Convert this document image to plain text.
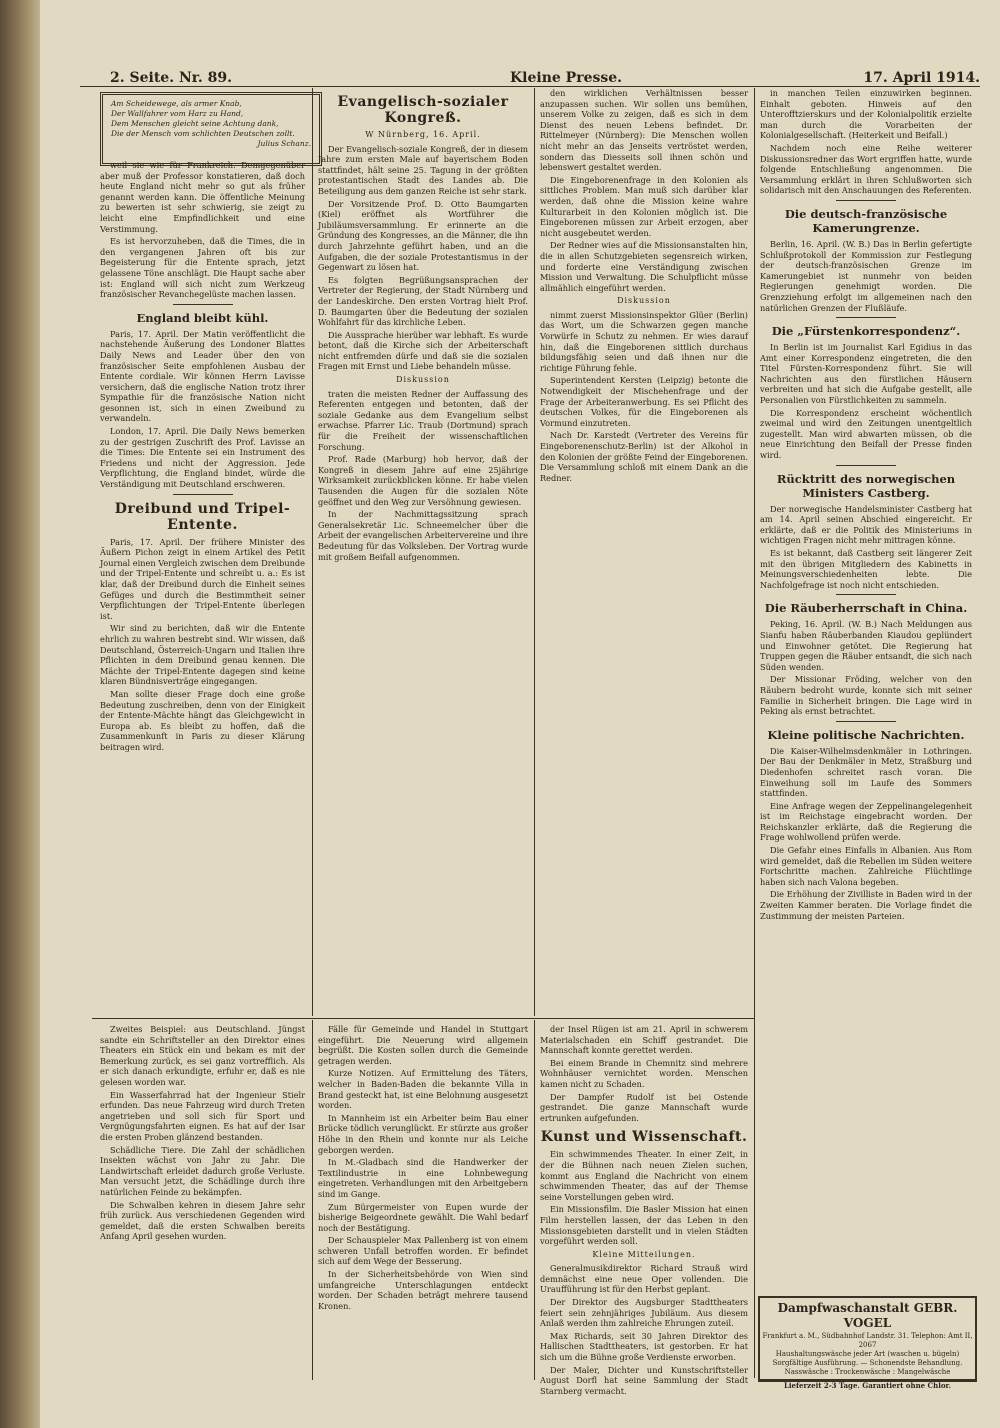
2. Seite. Nr. 89.	Kleine Presse.	17. April 1914.
Am Scheidewege, als armer Knab,
Der Wallfahrer vom Harz zu Hand,
Dem Menschen gleicht seine Achtung dank,
Die der Mensch vom schlichten Deutschen zollt.
Julius Schanz.

weil sie wie für Frankreich. Demgegenüber aber muß der Professor konstatieren, daß doch heute England nicht mehr so gut als früher genannt werden kann. Die öffentliche Meinung zu bewerten ist sehr schwierig, sie zeigt zu leicht eine Empfindlichkeit und eine Verstimmung.

Es ist hervorzuheben, daß die Times, die in den vergangenen Jahren oft bis zur Begeisterung für die Entente sprach, jetzt gelassene Töne anschlägt. Die Haupt sache aber ist: England will sich nicht zum Werkzeug französischer Revanchegelüste machen lassen.

England bleibt kühl.

Paris, 17. April. Der Matin veröffentlicht die nachstehende Äußerung des Londoner Blattes Daily News and Leader über den von französischer Seite empfohlenen Ausbau der Entente cordiale. Wir können Herrn Lavisse versichern, daß die englische Nation trotz ihrer Sympathie für die französische Nation nicht gesonnen ist, sich in einen Zweibund zu verwandeln.

London, 17. April. Die Daily News bemerken zu der gestrigen Zuschrift des Prof. Lavisse an die Times: Die Entente sei ein Instrument des Friedens und nicht der Aggression. Jede Verpflichtung, die England bindet, würde die Verständigung mit Deutschland erschweren.

Dreibund und Tripel-Entente.

Paris, 17. April. Der frühere Minister des Äußern Pichon zeigt in einem Artikel des Petit Journal einen Vergleich zwischen dem Dreibunde und der Tripel-Entente und schreibt u. a.: Es ist klar, daß der Dreibund durch die Einheit seines Gefüges und durch die Bestimmtheit seiner Verpflichtungen der Tripel-Entente überlegen ist.

Wir sind zu berichten, daß wir die Entente ehrlich zu wahren bestrebt sind. Wir wissen, daß Deutschland, Österreich-Ungarn und Italien ihre Pflichten in dem Dreibund genau kennen. Die Mächte der Tripel-Entente dagegen sind keine klaren Bündnisverträge eingegangen.

Man sollte dieser Frage doch eine große Bedeutung zuschreiben, denn von der Einigkeit der Entente-Mächte hängt das Gleichgewicht in Europa ab. Es bleibt zu hoffen, daß die Zusammenkunft in Paris zu dieser Klärung beitragen wird.

Evangelisch-sozialer Kongreß.
W Nürnberg, 16. April.

Der Evangelisch-soziale Kongreß, der in diesem Jahre zum ersten Male auf bayerischem Boden stattfindet, hält seine 25. Tagung in der größten protestantischen Stadt des Landes ab. Die Beteiligung aus dem ganzen Reiche ist sehr stark.

Der Vorsitzende Prof. D. Otto Baumgarten (Kiel) eröffnet als Wortführer die Jubiläumsversammlung. Er erinnerte an die Gründung des Kongresses, an die Männer, die ihn durch Jahrzehnte geführt haben, und an die Aufgaben, die der soziale Protestantismus in der Gegenwart zu lösen hat.

Es folgten Begrüßungsansprachen der Vertreter der Regierung, der Stadt Nürnberg und der Landeskirche. Den ersten Vortrag hielt Prof. D. Baumgarten über die Bedeutung der sozialen Wohlfahrt für das kirchliche Leben.

Die Aussprache hierüber war lebhaft. Es wurde betont, daß die Kirche sich der Arbeiterschaft nicht entfremden dürfe und daß sie die sozialen Fragen mit Ernst und Liebe behandeln müsse.

Diskussion

traten die meisten Redner der Auffassung des Referenten entgegen und betonten, daß der soziale Gedanke aus dem Evangelium selbst erwachse. Pfarrer Lic. Traub (Dortmund) sprach für die Freiheit der wissenschaftlichen Forschung.

Prof. Rade (Marburg) hob hervor, daß der Kongreß in diesem Jahre auf eine 25jährige Wirksamkeit zurückblicken könne. Er habe vielen Tausenden die Augen für die sozialen Nöte geöffnet und den Weg zur Versöhnung gewiesen.

In der Nachmittagssitzung sprach Generalsekretär Lic. Schneemelcher über die Arbeit der evangelischen Arbeitervereine und ihre Bedeutung für das Volksleben. Der Vortrag wurde mit großem Beifall aufgenommen.

den wirklichen Verhältnissen besser anzupassen suchen. Wir sollen uns bemühen, unserem Volke zu zeigen, daß es sich in dem Dienst des neuen Lebens befindet. Dr. Rittelmeyer (Nürnberg): Die Menschen wollen nicht mehr an das Jenseits vertröstet werden, sondern das Diesseits soll ihnen schön und lebenswert gestaltet werden.

Die Eingeborenenfrage in den Kolonien als sittliches Problem. Man muß sich darüber klar werden, daß ohne die Mission keine wahre Kulturarbeit in den Kolonien möglich ist. Die Eingeborenen müssen zur Arbeit erzogen, aber nicht ausgebeutet werden.

Der Redner wies auf die Missionsanstalten hin, die in allen Schutzgebieten segensreich wirken, und forderte eine Verständigung zwischen Mission und Verwaltung. Die Schulpflicht müsse allmählich eingeführt werden.

Diskussion

nimmt zuerst Missionsinspektor Glüer (Berlin) das Wort, um die Schwarzen gegen manche Vorwürfe in Schutz zu nehmen. Er wies darauf hin, daß die Eingeborenen sittlich durchaus bildungsfähig seien und daß ihnen nur die richtige Führung fehle.

Superintendent Kersten (Leipzig) betonte die Notwendigkeit der Mischehenfrage und der Frage der Arbeiteranwerbung. Es sei Pflicht des deutschen Volkes, für die Eingeborenen als Vormund einzutreten.

Nach Dr. Karstedt (Vertreter des Vereins für Eingeborenenschutz-Berlin) ist der Alkohol in den Kolonien der größte Feind der Eingeborenen. Die Versammlung schloß mit einem Dank an die Redner.

in manchen Teilen einzuwirken beginnen. Einhalt geboten. Hinweis auf den Unterofftzierskurs und der Kolonialpolitik erzielte man durch die Vorarbeiten der Kolonialgesellschaft. (Heiterkeit und Beifall.)

Nachdem noch eine Reihe weiterer Diskussionsredner das Wort ergriffen hatte, wurde folgende Entschließung angenommen. Die Versammlung erklärt in ihren Schlußworten sich solidarisch mit den Anschauungen des Referenten.

Die deutsch-französische Kamerungrenze.

Berlin, 16. April. (W. B.) Das in Berlin gefertigte Schlußprotokoll der Kommission zur Festlegung der deutsch-französischen Grenze im Kamerungebiet ist nunmehr von beiden Regierungen genehmigt worden. Die Grenzziehung erfolgt im allgemeinen nach den natürlichen Grenzen der Flußläufe.

Die „Fürstenkorrespondenz“.

In Berlin ist im Journalist Karl Egidius in das Amt einer Korrespondenz eingetreten, die den Titel Fürsten-Korrespondenz führt. Sie will Nachrichten aus den fürstlichen Häusern verbreiten und hat sich die Aufgabe gestellt, alle Personalien von Fürstlichkeiten zu sammeln.

Die Korrespondenz erscheint wöchentlich zweimal und wird den Zeitungen unentgeltlich zugestellt. Man wird abwarten müssen, ob die neue Einrichtung den Beifall der Presse finden wird.

Rücktritt des norwegischen Ministers Castberg.

Der norwegische Handelsminister Castberg hat am 14. April seinen Abschied eingereicht. Er erklärte, daß er die Politik des Ministeriums in wichtigen Fragen nicht mehr mittragen könne.

Es ist bekannt, daß Castberg seit längerer Zeit mit den übrigen Mitgliedern des Kabinetts in Meinungsverschiedenheiten lebte. Die Nachfolgefrage ist noch nicht entschieden.

Die Räuberherrschaft in China.

Peking, 16. April. (W. B.) Nach Meldungen aus Sianfu haben Räuberbanden Kiaudou geplündert und Einwohner getötet. Die Regierung hat Truppen gegen die Räuber entsandt, die sich nach Süden wenden.

Der Missionar Fröding, welcher von den Räubern bedroht wurde, konnte sich mit seiner Familie in Sicherheit bringen. Die Lage wird in Peking als ernst betrachtet.

Kleine politische Nachrichten.

Die Kaiser-Wilhelmsdenkmäler in Lothringen. Der Bau der Denkmäler in Metz, Straßburg und Diedenhofen schreitet rasch voran. Die Einweihung soll im Laufe des Sommers stattfinden.

Eine Anfrage wegen der Zeppelinangelegenheit ist im Reichstage eingebracht worden. Der Reichskanzler erklärte, daß die Regierung die Frage wohlwollend prüfen werde.

Die Gefahr eines Einfalls in Albanien. Aus Rom wird gemeldet, daß die Rebellen im Süden weitere Fortschritte machen. Zahlreiche Flüchtlinge haben sich nach Valona begeben.

Die Erhöhung der Zivilliste in Baden wird in der Zweiten Kammer beraten. Die Vorlage findet die Zustimmung der meisten Parteien.

Zweites Beispiel: aus Deutschland. Jüngst sandte ein Schriftsteller an den Direktor eines Theaters ein Stück ein und bekam es mit der Bemerkung zurück, es sei ganz vortrefflich. Als er sich danach erkundigte, erfuhr er, daß es nie gelesen worden war.

Ein Wasserfahrrad hat der Ingenieur Stielr erfunden. Das neue Fahrzeug wird durch Treten angetrieben und soll sich für Sport und Vergnügungsfahrten eignen. Es hat auf der Isar die ersten Proben glänzend bestanden.

Schädliche Tiere. Die Zahl der schädlichen Insekten wächst von Jahr zu Jahr. Die Landwirtschaft erleidet dadurch große Verluste. Man versucht jetzt, die Schädlinge durch ihre natürlichen Feinde zu bekämpfen.

Die Schwalben kehren in diesem Jahre sehr früh zurück. Aus verschiedenen Gegenden wird gemeldet, daß die ersten Schwalben bereits Anfang April gesehen wurden.

Fälle für Gemeinde und Handel in Stuttgart eingeführt. Die Neuerung wird allgemein begrüßt. Die Kosten sollen durch die Gemeinde getragen werden.

Kurze Notizen. Auf Ermittelung des Täters, welcher in Baden-Baden die bekannte Villa in Brand gesteckt hat, ist eine Belohnung ausgesetzt worden.

In Mannheim ist ein Arbeiter beim Bau einer Brücke tödlich verunglückt. Er stürzte aus großer Höhe in den Rhein und konnte nur als Leiche geborgen werden.

In M.-Gladbach sind die Handwerker der Textilindustrie in eine Lohnbewegung eingetreten. Verhandlungen mit den Arbeitgebern sind im Gange.

Zum Bürgermeister von Eupen wurde der bisherige Beigeordnete gewählt. Die Wahl bedarf noch der Bestätigung.

Der Schauspieler Max Pallenberg ist von einem schweren Unfall betroffen worden. Er befindet sich auf dem Wege der Besserung.

In der Sicherheitsbehörde von Wien sind umfangreiche Unterschlagungen entdeckt worden. Der Schaden beträgt mehrere tausend Kronen.

der Insel Rügen ist am 21. April in schwerem Materialschaden ein Schiff gestrandet. Die Mannschaft konnte gerettet werden.

Bei einem Brande in Chemnitz sind mehrere Wohnhäuser vernichtet worden. Menschen kamen nicht zu Schaden.

Der Dampfer Rudolf ist bei Ostende gestrandet. Die ganze Mannschaft wurde ertrunken aufgefunden.

Kunst und Wissenschaft.

Ein schwimmendes Theater. In einer Zeit, in der die Bühnen nach neuen Zielen suchen, kommt aus England die Nachricht von einem schwimmenden Theater, das auf der Themse seine Vorstellungen geben wird.

Ein Missionsfilm. Die Basler Mission hat einen Film herstellen lassen, der das Leben in den Missionsgebieten darstellt und in vielen Städten vorgeführt werden soll.

Kleine Mitteilungen.

Generalmusikdirektor Richard Strauß wird demnächst eine neue Oper vollenden. Die Uraufführung ist für den Herbst geplant.

Der Direktor des Augsburger Stadttheaters feiert sein zehnjähriges Jubiläum. Aus diesem Anlaß werden ihm zahlreiche Ehrungen zuteil.

Max Richards, seit 30 Jahren Direktor des Hallischen Stadttheaters, ist gestorben. Er hat sich um die Bühne große Verdienste erworben.

Der Maler, Dichter und Kunstschriftsteller August Dorfl hat seine Sammlung der Stadt Starnberg vermacht.

Dampfwaschanstalt GEBR. VOGEL
Frankfurt a. M., Südbahnhof Landstr. 31. Telephon: Amt II, 2067
Haushaltungswäsche jeder Art (waschen u. bügeln)
Sorgfältige Ausführung. — Schonendste Behandlung.
Nasswäsche : Trockenwäsche : Mangelwäsche
Lieferzeit 2-3 Tage. Garantiert ohne Chlor.
